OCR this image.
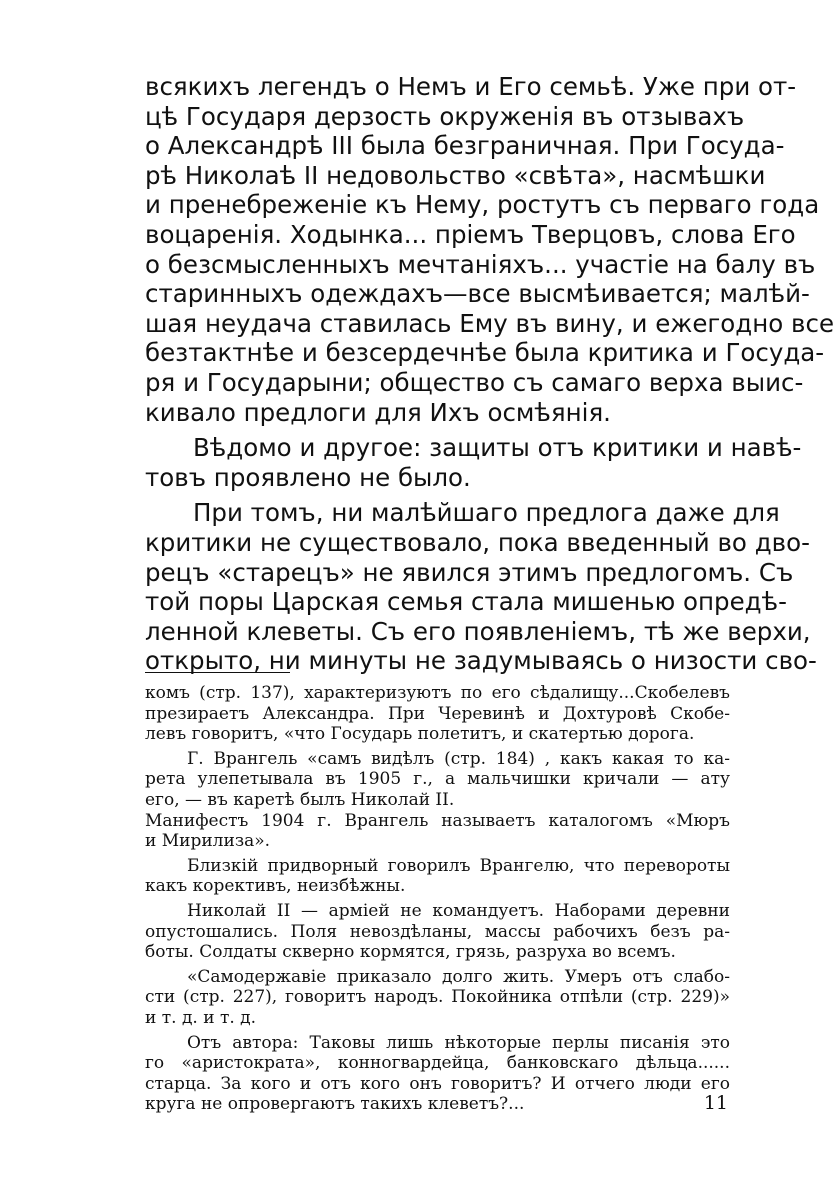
всякихъ легендъ о Немъ и Его семьѣ. Уже при от-
цѣ Государя дерзость окруженія въ отзывахъ
о Александрѣ III была безграничная. При Госуда-
рѣ Николаѣ II недовольство «свѣта», насмѣшки
и пренебреженіе къ Нему, ростутъ съ перваго года
воцаренія. Ходынка... пріемъ Тверцовъ, слова Его
о безсмысленныхъ мечтаніяхъ... участіе на балу въ
старинныхъ одеждахъ—все высмѣивается; малѣй-
шая неудача ставилась Ему въ вину, и ежегодно все
безтактнѣе и безсердечнѣе была критика и Госуда-
ря и Государыни; общество съ самаго верха выис-
кивало предлоги для Ихъ осмѣянія.
Вѣдомо и другое: защиты отъ критики и навѣ-
товъ проявлено не было.
При томъ, ни малѣйшаго предлога даже для
критики не существовало, пока введенный во дво-
рецъ «старецъ» не явился этимъ предлогомъ. Съ
той поры Царская семья стала мишенью опредѣ-
ленной клеветы. Съ его появленіемъ, тѣ же верхи,
открыто, ни минуты не задумываясь о низости сво-
комъ (стр. 137), характеризуютъ по его сѣдалищу...Скобелевъ
презираетъ Александра. При Черевинѣ и Дохтуровѣ Скобе-
левъ говоритъ, «что Государь полетитъ, и скатертью дорога.
Г. Врангель «самъ видѣлъ (стр. 184) , какъ какая то ка-
рета улепетывала въ 1905 г., а мальчишки кричали — ату
его, — въ каретѣ былъ Николай II.
Манифестъ 1904 г. Врангель называетъ каталогомъ «Мюръ
и Мирилиза».
Близкій придворный говорилъ Врангелю, что перевороты
какъ корективъ, неизбѣжны.
Николай II — арміей не командуетъ. Наборами деревни
опустошались. Поля невоздѣланы, массы рабочихъ безъ ра-
боты. Солдаты скверно кормятся, грязь, разруха во всемъ.
«Самодержавіе приказало долго жить. Умеръ отъ слабо-
сти (стр. 227), говоритъ народъ. Покойника отпѣли (стр. 229)»
и т. д. и т. д.
Отъ автора: Таковы лишь нѣкоторые перлы писанія это
го «аристократа», конногвардейца, банковскаго дѣльца......
старца. За кого и отъ кого онъ говоритъ? И отчего люди его
круга не опровергаютъ такихъ клеветъ?...	11
